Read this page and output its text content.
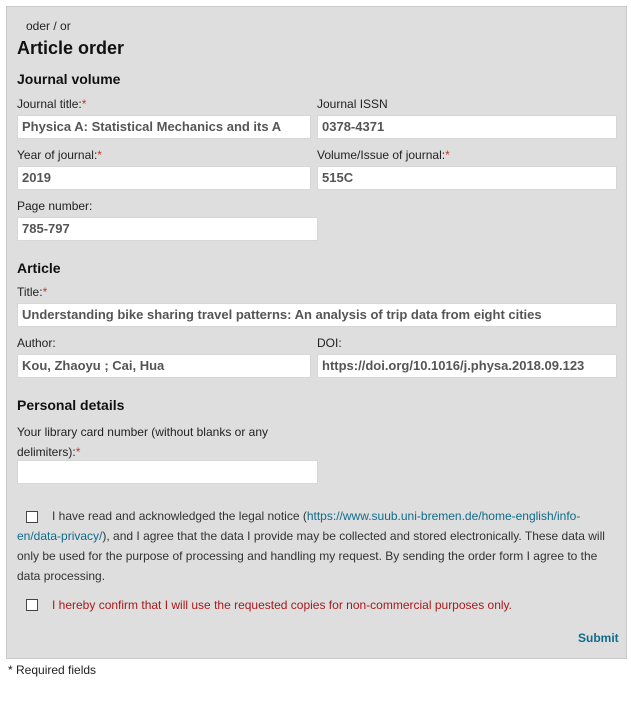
oder / or
Article order
Journal volume
Journal title:*
Physica A: Statistical Mechanics and its A
Journal ISSN
0378-4371
Year of journal:*
2019
Volume/Issue of journal:*
515C
Page number:
785-797
Article
Title:*
Understanding bike sharing travel patterns: An analysis of trip data from eight cities
Author:
Kou, Zhaoyu ; Cai, Hua
DOI:
https://doi.org/10.1016/j.physa.2018.09.123
Personal details
Your library card number (without blanks or any
delimiters):*
I have read and acknowledged the legal notice (https://www.suub.uni-bremen.de/home-english/info-
en/data-privacy/), and I agree that the data I provide may be collected and stored electronically. These data will
only be used for the purpose of processing and handling my request. By sending the order form I agree to the
data processing.
I hereby confirm that I will use the requested copies for non-commercial purposes only.
Submit
* Required fields
